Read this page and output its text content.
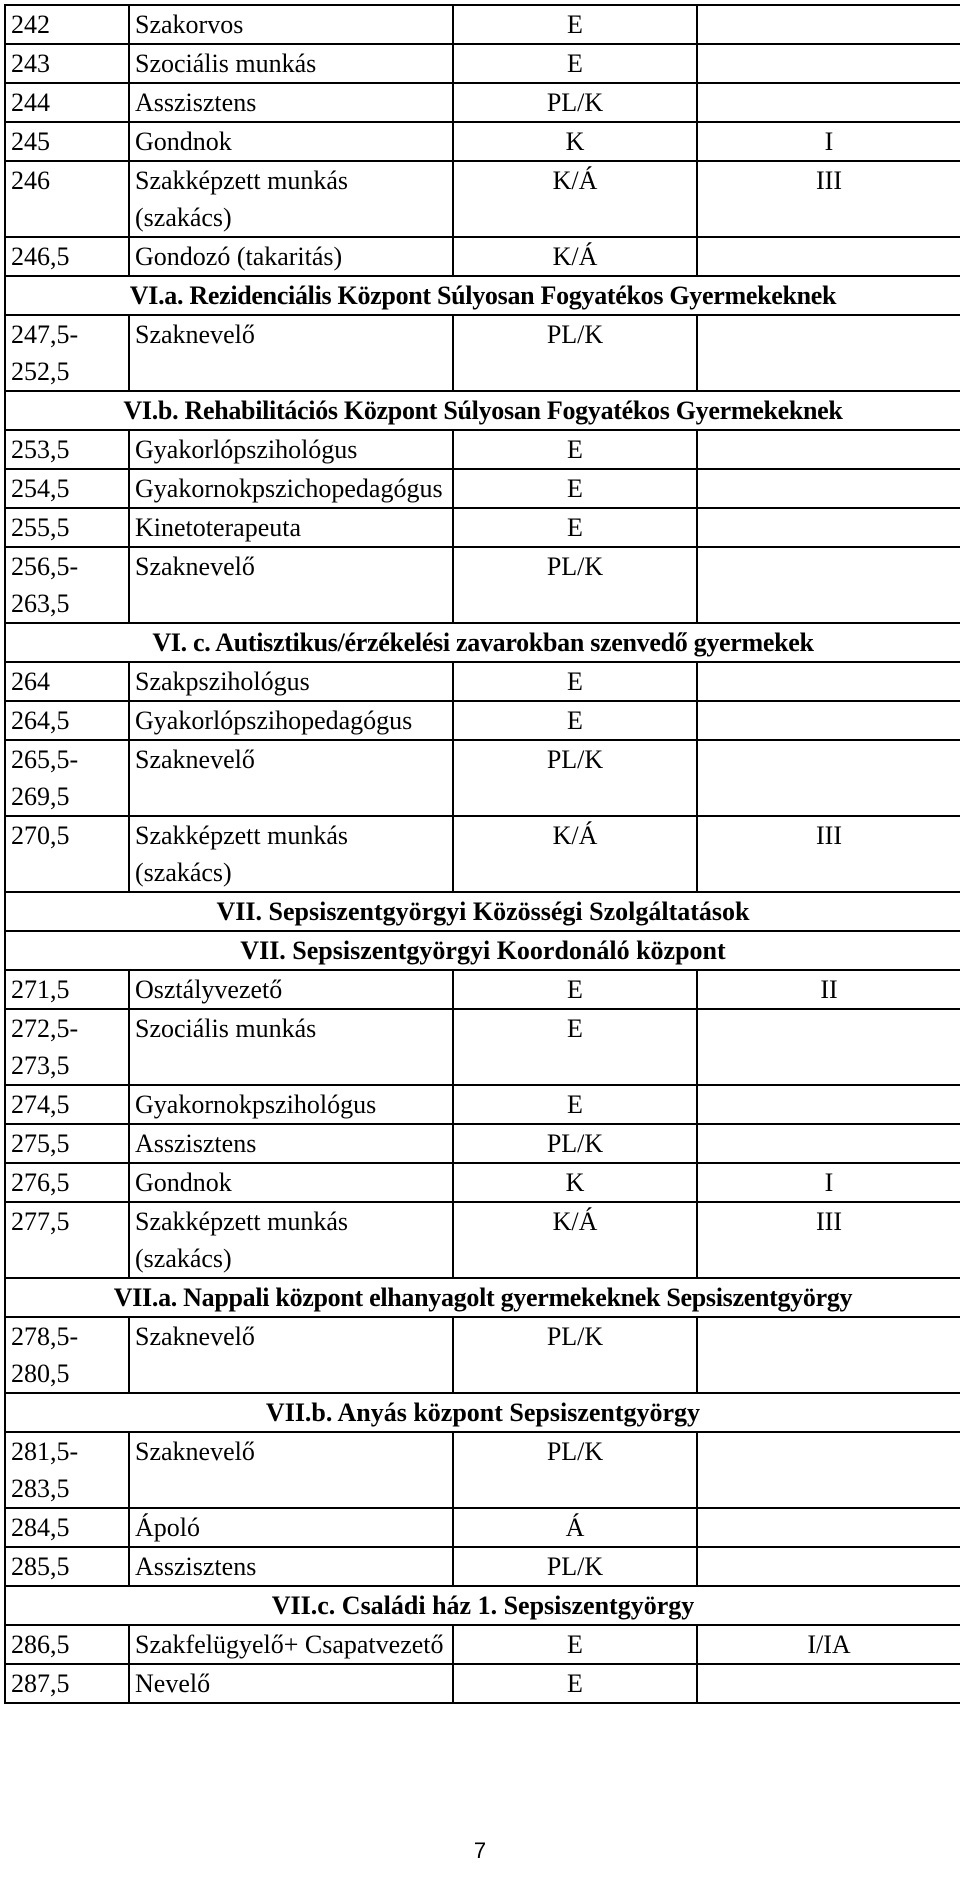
242	Szakorvos	E	

243	Szociális munkás	E	

244	Asszisztens	PL/K	

245	Gondnok	K	I

246	Szakképzett munkás
(szakács)	K/Á	III

246,5	Gondozó (takaritás)	K/Á	
VI.a. Rezidenciális Központ Súlyosan Fogyatékos Gyermekeknek			

247,5-
252,5	Szaknevelő	PL/K	
VI.b. Rehabilitációs Központ Súlyosan Fogyatékos Gyermekeknek			

253,5	Gyakorlópszihológus	E	

254,5	Gyakornokpszichopedagógus	E	

255,5	Kinetoterapeuta	E	

256,5-
263,5	Szaknevelő	PL/K	
VI. c. Autisztikus/érzékelési zavarokban szenvedő gyermekek			

264	Szakpszihológus	E	

264,5	Gyakorlópszihopedagógus	E	

265,5-
269,5	Szaknevelő	PL/K	

270,5	Szakképzett munkás
(szakács)	K/Á	III
VII. Sepsiszentgyörgyi Közösségi Szolgáltatások			
VII. Sepsiszentgyörgyi Koordonáló központ			

271,5	Osztályvezető	E	II

272,5-
273,5	Szociális munkás	E	

274,5	Gyakornokpszihológus	E	

275,5	Asszisztens	PL/K	

276,5	Gondnok	K	I

277,5	Szakképzett munkás
(szakács)	K/Á	III
VII.a. Nappali központ elhanyagolt gyermekeknek Sepsiszentgyörgy			

278,5-
280,5	Szaknevelő	PL/K	
VII.b. Anyás központ Sepsiszentgyörgy			

281,5-
283,5	Szaknevelő	PL/K	

284,5	Ápoló	Á	

285,5	Asszisztens	PL/K	
VII.c. Családi ház 1. Sepsiszentgyörgy			

286,5	Szakfelügyelő+ Csapatvezető	E	I/IA

287,5	Nevelő	E	
7
